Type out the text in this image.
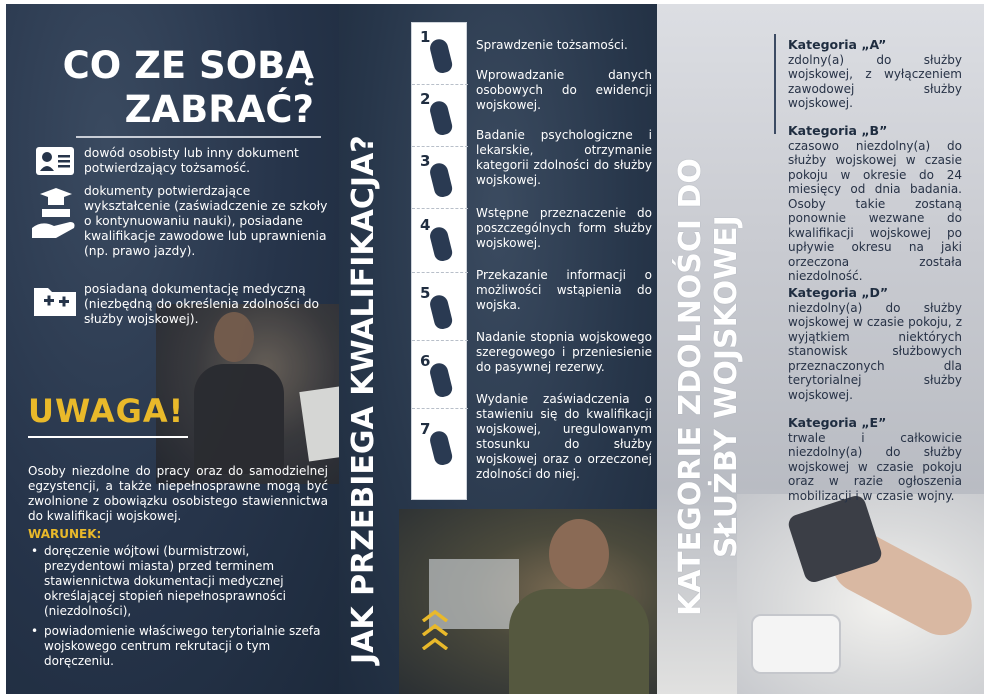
CO ZE SOBĄ ZABRAĆ?
dowód osobisty lub inny dokument potwierdzający tożsamość.
dokumenty potwierdzające wykształcenie (zaświadczenie ze szkoły o kontynuowaniu nauki), posiadane kwalifikacje zawodowe lub uprawnienia (np. prawo jazdy).
posiadaną dokumentację medyczną (niezbędną do określenia zdolności do służby wojskowej).
UWAGA!
Osoby niezdolne do pracy oraz do samodzielnej egzystencji, a także niepełnosprawne mogą być zwolnione z obowiązku osobistego stawiennictwa do kwalifikacji wojskowej.
WARUNEK:
• doręczenie wójtowi (burmistrzowi, prezydentowi miasta) przed terminem stawiennictwa dokumentacji medycznej określającej stopień niepełnosprawności (niezdolności),
• powiadomienie właściwego terytorialnie szefa wojskowego centrum rekrutacji o tym doręczeniu.	JAK PRZEBIEGA KWALIFIKACJA?
1
2
3
4
5
6
7
Sprawdzenie tożsamości.
Wprowadzanie danych osobowych do ewidencji wojskowej.
Badanie psychologiczne i lekarskie, otrzymanie kategorii zdolności do służby wojskowej.
Wstępne przeznaczenie do poszczególnych form służby wojskowej.
Przekazanie informacji o możliwości wstąpienia do wojska.
Nadanie stopnia wojskowego szeregowego i przeniesienie do pasywnej rezerwy.
Wydanie zaświadczenia o stawieniu się do kwalifikacji wojskowej, uregulowanym stosunku do służby wojskowej oraz o orzeczonej zdolności do niej.	KATEGORIE ZDOLNOŚCI DO SŁUŻBY WOJSKOWEJ
Kategoria „A”
zdolny(a) do służby wojskowej, z wyłączeniem zawodowej służby wojskowej.
Kategoria „B”
czasowo niezdolny(a) do służby wojskowej w czasie pokoju w okresie do 24 miesięcy od dnia badania. Osoby takie zostaną ponownie wezwane do kwalifikacji wojskowej po upływie okresu na jaki orzeczona została niezdolność.
Kategoria „D”
niezdolny(a) do służby wojskowej w czasie pokoju, z wyjątkiem niektórych stanowisk służbowych przeznaczonych dla terytorialnej służby wojskowej.
Kategoria „E”
trwale i całkowicie niezdolny(a) do służby wojskowej w czasie pokoju oraz w razie ogłoszenia mobilizacji i w czasie wojny.
